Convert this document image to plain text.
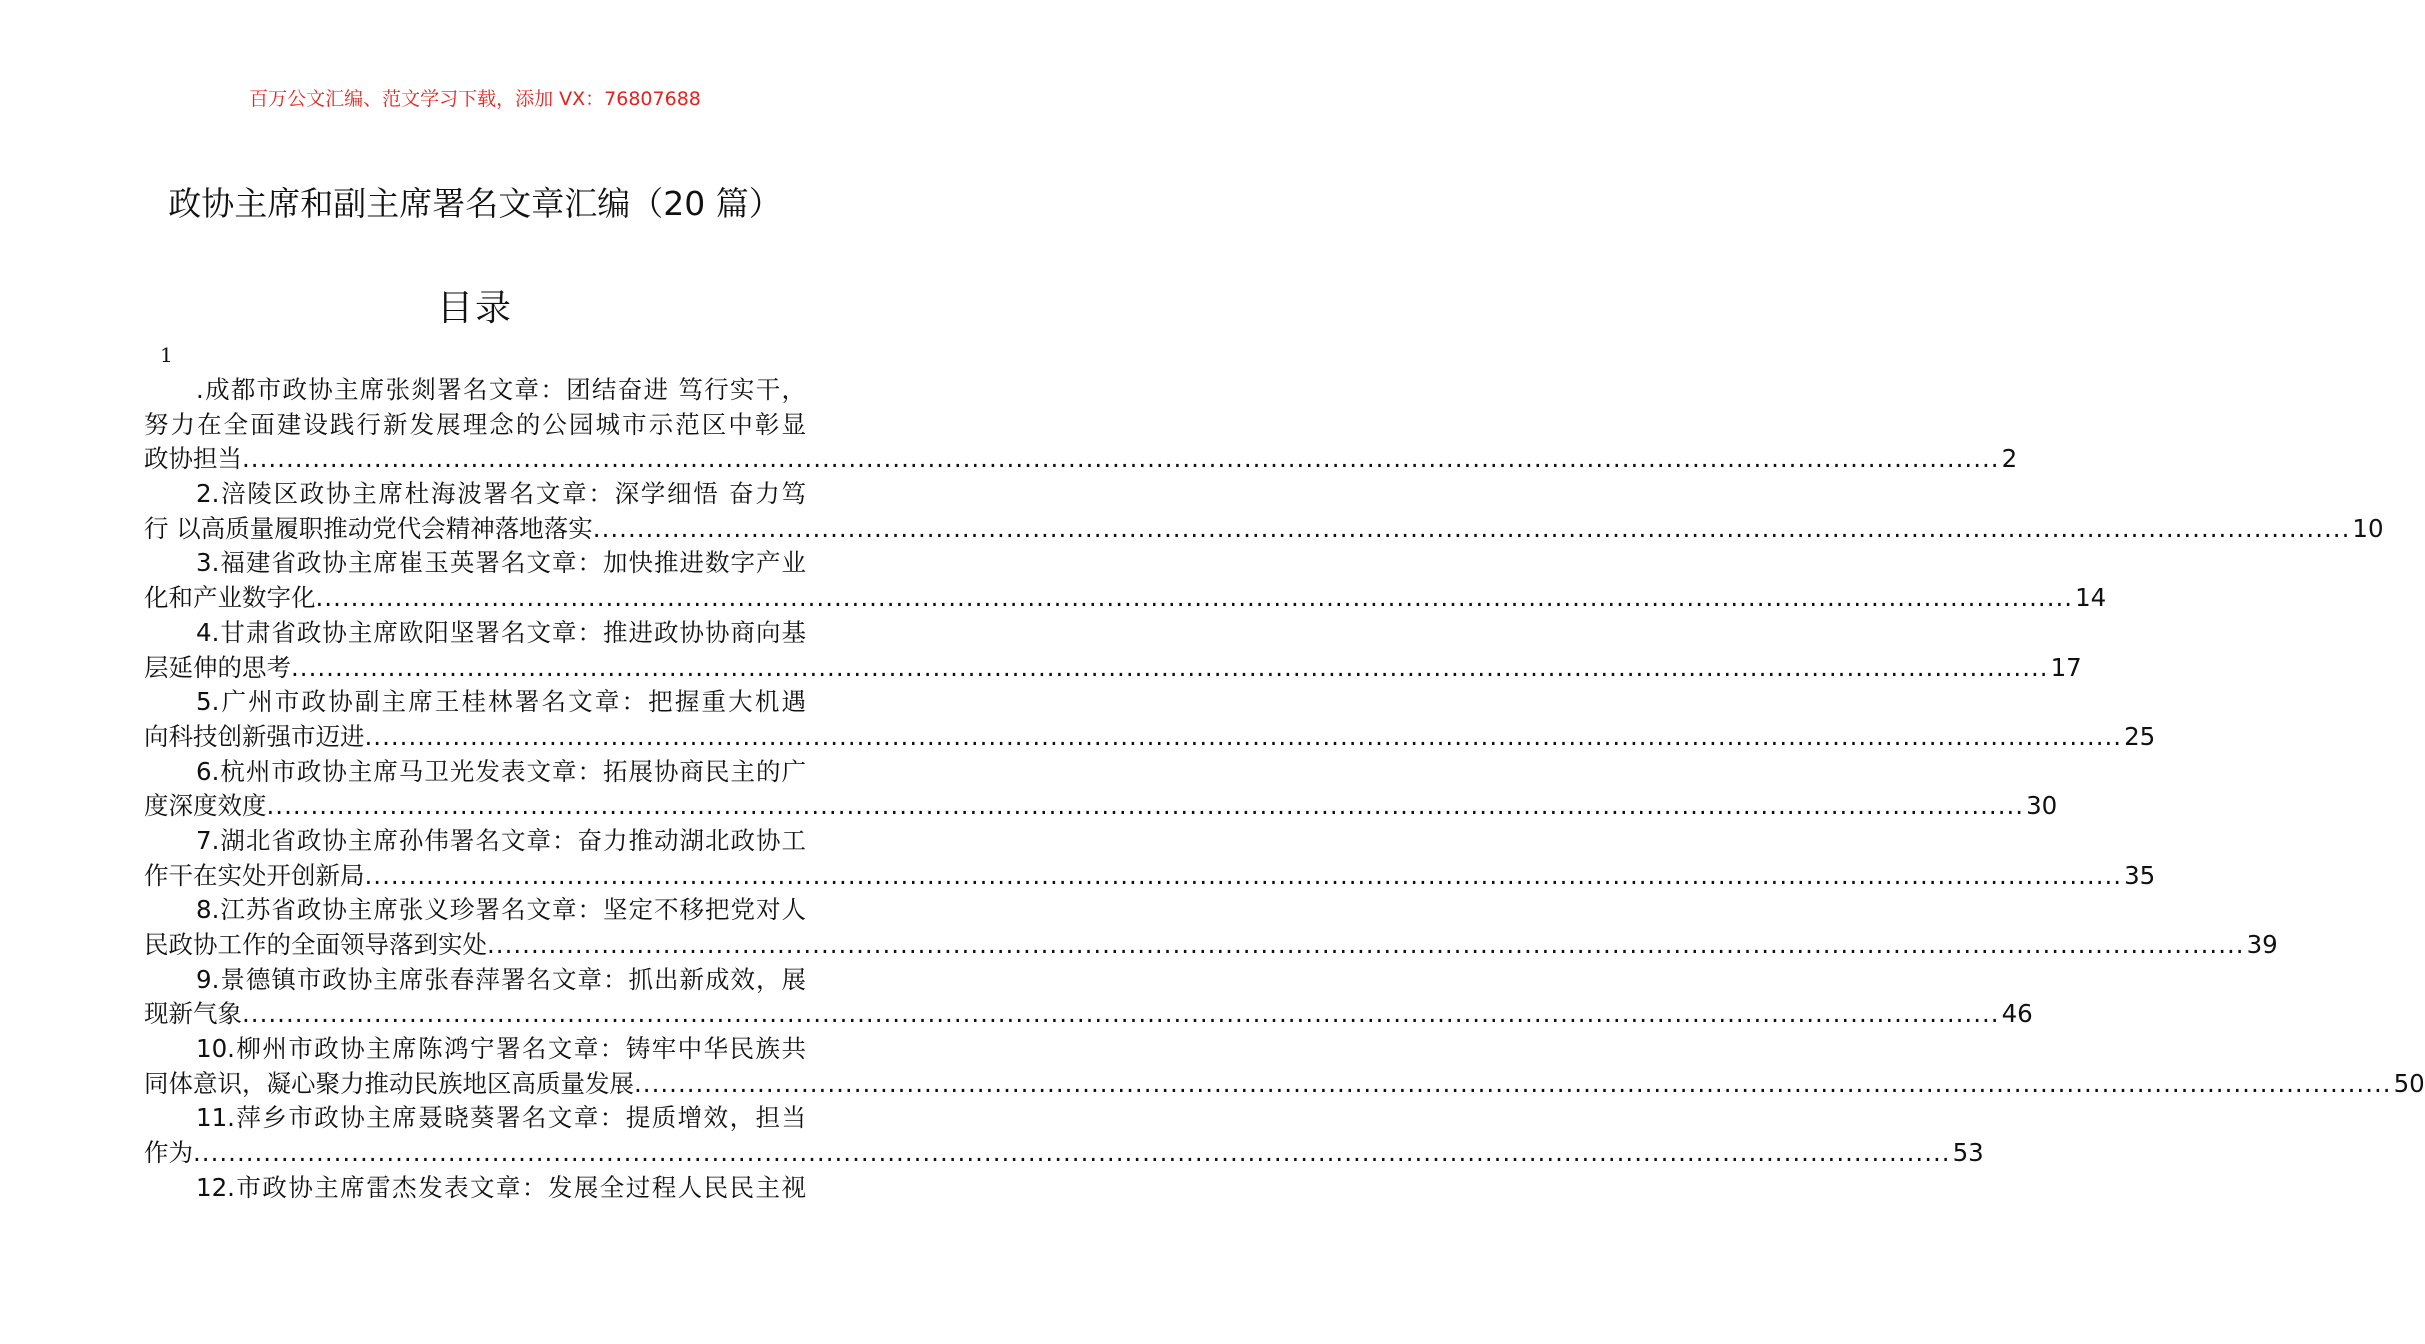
百万公文汇编、范文学习下载，添加 VX：76807688
政协主席和副主席署名文章汇编（20 篇）
目录
1
.成都市政协主席张剡署名文章：团结奋进 笃行实干，
努力在全面建设践行新发展理念的公园城市示范区中彰显
政协担当 ........................................................................................................................................................................................................ 2
2.涪陵区政协主席杜海波署名文章：深学细悟 奋力笃
行 以高质量履职推动党代会精神落地落实 ........................................................................................................................................................................................................ 10
3.福建省政协主席崔玉英署名文章：加快推进数字产业
化和产业数字化 ........................................................................................................................................................................................................ 14
4.甘肃省政协主席欧阳坚署名文章：推进政协协商向基
层延伸的思考 ........................................................................................................................................................................................................ 17
5.广州市政协副主席王桂林署名文章：把握重大机遇
向科技创新强市迈进 ........................................................................................................................................................................................................ 25
6.杭州市政协主席马卫光发表文章：拓展协商民主的广
度深度效度 ........................................................................................................................................................................................................ 30
7.湖北省政协主席孙伟署名文章：奋力推动湖北政协工
作干在实处开创新局 ........................................................................................................................................................................................................ 35
8.江苏省政协主席张义珍署名文章：坚定不移把党对人
民政协工作的全面领导落到实处 ........................................................................................................................................................................................................ 39
9.景德镇市政协主席张春萍署名文章：抓出新成效，展
现新气象 ........................................................................................................................................................................................................ 46
10.柳州市政协主席陈鸿宁署名文章：铸牢中华民族共
同体意识，凝心聚力推动民族地区高质量发展 ........................................................................................................................................................................................................ 50
11.萍乡市政协主席聂晓葵署名文章：提质增效，担当
作为 ........................................................................................................................................................................................................ 53
12.市政协主席雷杰发表文章：发展全过程人民民主视
